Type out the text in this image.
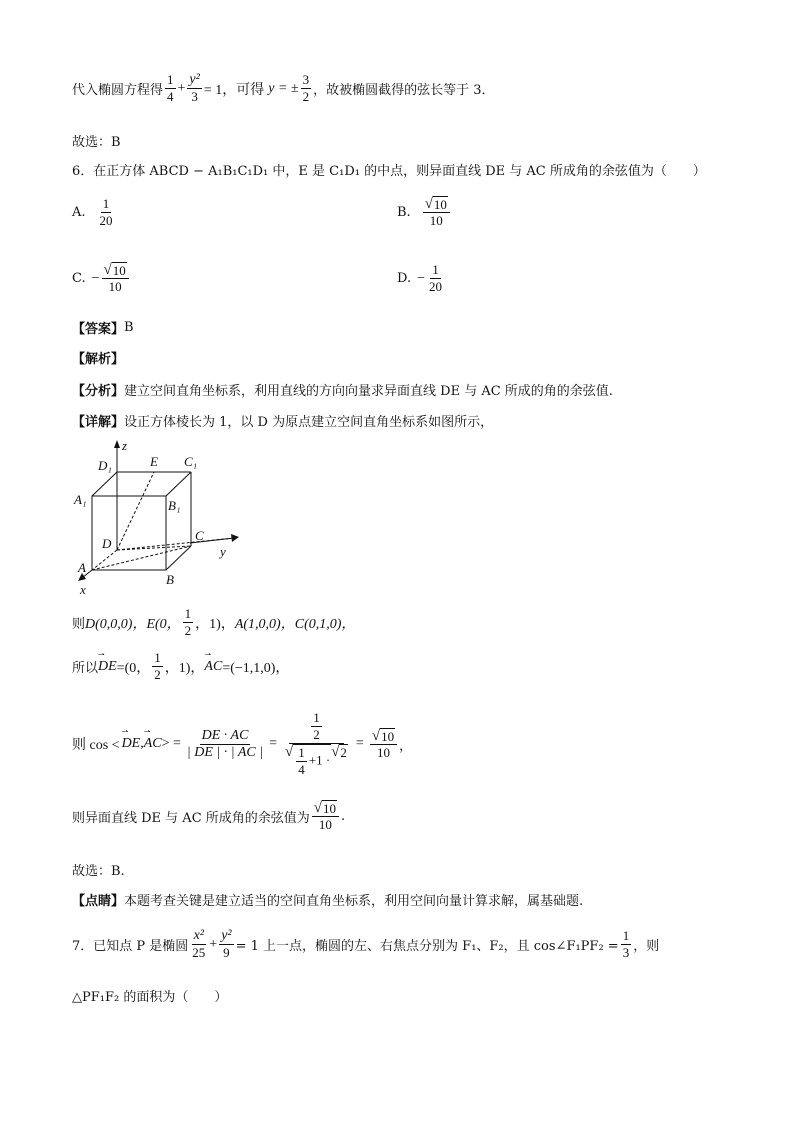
代入椭圆方程得 $\frac{1}{4} + \frac{\text{y²}}{3} = 1$，可得 y = ± $\frac{3}{2}$ ，故被椭圆截得的弦长等于 3．
故选：B
6．在正方体 ABCD − A₁B₁C₁D₁ 中，E 是 C₁D₁ 的中点，则异面直线 DE 与 AC 所成角的余弦值为（　　）
A. $\frac{1}{20}$	B. $\frac{√ 10}{10}$
C. − $\frac{√ 10}{10}$	D. − $\frac{1}{20}$
【答案】 B
【解析】
【分析】 建立空间直角坐标系，利用直线的方向向量求异面直线 DE 与 AC 所成的角的余弦值.
【详解】 设正方体棱长为 1，以 D 为原点建立空间直角坐标系如图所示，
z
y
x
D₁	E C₁
A₁	B₁
D
C
A
B
则 D(0,0,0)， E(0， $\frac{1}{2}$ ，1)， A(1,0,0)， C(0,1,0)，
所以
⇀
DE =(0， $\frac{1}{2}$ ，1)，
⇀
AC =(−1,1,0)，
则 cos <
⇀
DE ,
⇀
AC > = $\frac{DE \cdot AC}{| DE | \cdot | AC |} = \frac{\frac{1}{2}}{√ \frac{1}{4} +1 \cdot √ 2} = \frac{√ 10}{10}$ ，
则异面直线 DE 与 AC 所成角的余弦值为 $\frac{√ 10}{10}$ .
故选：B.
【点睛】 本题考查关键是建立适当的空间直角坐标系，利用空间向量计算求解，属基础题.
7．已知点 P 是椭圆 $\frac{\text{x²}}{25} + \frac{\text{y²}}{9} = 1$ 上一点，椭圆的左、右焦点分别为 F₁、F₂，且 cos∠F₁PF₂ = $\frac{1}{3}$ ，则
△PF₁F₂ 的面积为（　　）
